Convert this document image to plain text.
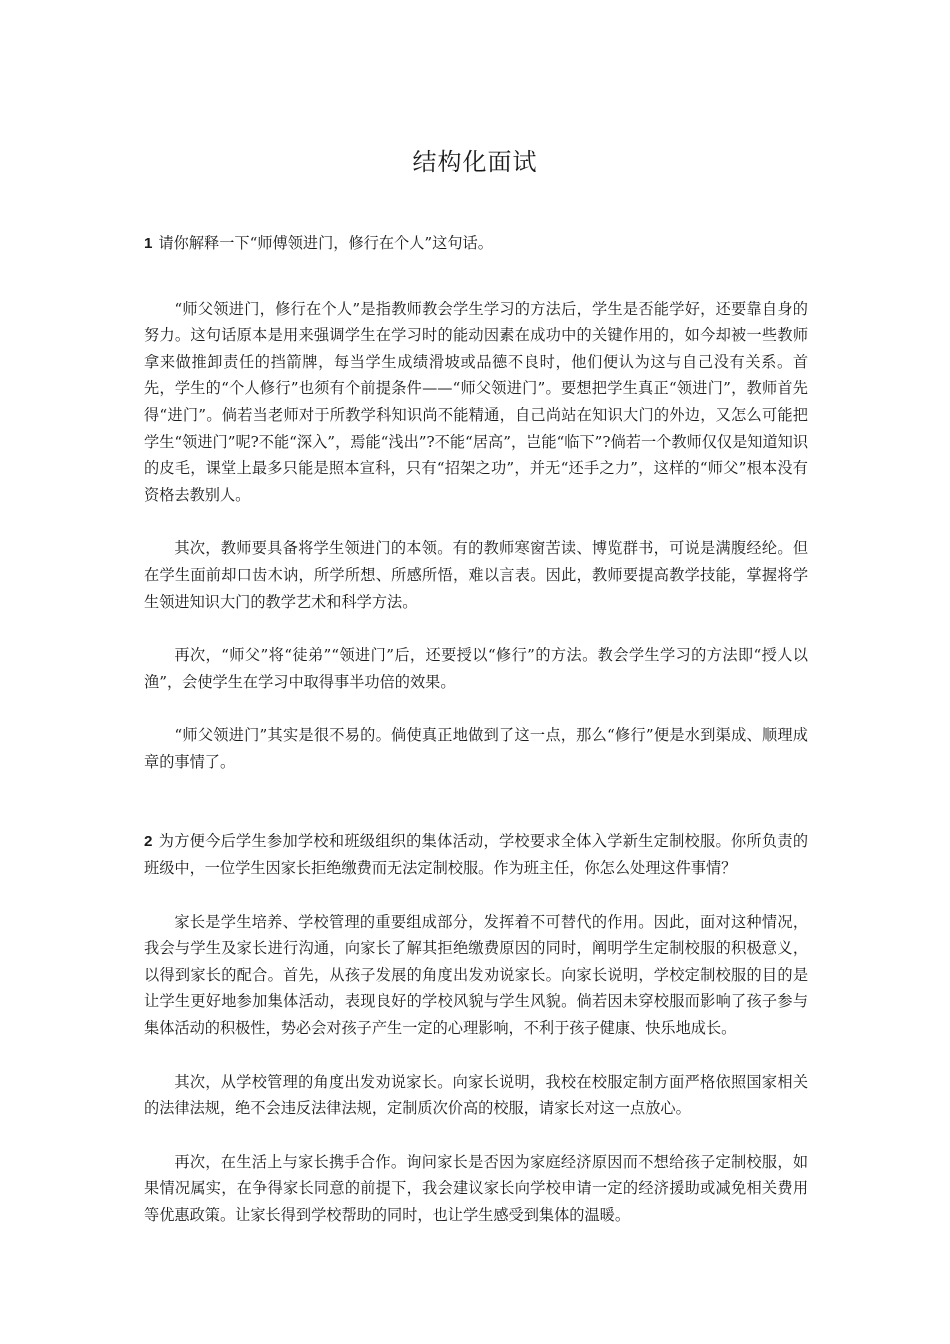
结构化面试

1 请你解释一下“师傅领进门，修行在个人”这句话。

“师父领进门，修行在个人”是指教师教会学生学习的方法后，学生是否能学好，还要靠自身的努力。这句话原本是用来强调学生在学习时的能动因素在成功中的关键作用的，如今却被一些教师拿来做推卸责任的挡箭牌，每当学生成绩滑坡或品德不良时，他们便认为这与自己没有关系。首先，学生的“个人修行”也须有个前提条件——“师父领进门”。要想把学生真正“领进门”，教师首先得“进门”。倘若当老师对于所教学科知识尚不能精通，自己尚站在知识大门的外边，又怎么可能把学生“领进门”呢?不能“深入”，焉能“浅出”?不能“居高”，岂能“临下”?倘若一个教师仅仅是知道知识的皮毛，课堂上最多只能是照本宣科，只有“招架之功”，并无“还手之力”，这样的“师父”根本没有资格去教别人。

其次，教师要具备将学生领进门的本领。有的教师寒窗苦读、博览群书，可说是满腹经纶。但在学生面前却口齿木讷，所学所想、所感所悟，难以言表。因此，教师要提高教学技能，掌握将学生领进知识大门的教学艺术和科学方法。

再次，“师父”将“徒弟”“领进门”后，还要授以“修行”的方法。教会学生学习的方法即“授人以渔”，会使学生在学习中取得事半功倍的效果。

“师父领进门”其实是很不易的。倘使真正地做到了这一点，那么“修行”便是水到渠成、顺理成章的事情了。

2 为方便今后学生参加学校和班级组织的集体活动，学校要求全体入学新生定制校服。你所负责的班级中，一位学生因家长拒绝缴费而无法定制校服。作为班主任，你怎么处理这件事情？

家长是学生培养、学校管理的重要组成部分，发挥着不可替代的作用。因此，面对这种情况，我会与学生及家长进行沟通，向家长了解其拒绝缴费原因的同时，阐明学生定制校服的积极意义，以得到家长的配合。首先，从孩子发展的角度出发劝说家长。向家长说明，学校定制校服的目的是让学生更好地参加集体活动，表现良好的学校风貌与学生风貌。倘若因未穿校服而影响了孩子参与集体活动的积极性，势必会对孩子产生一定的心理影响，不利于孩子健康、快乐地成长。

其次，从学校管理的角度出发劝说家长。向家长说明，我校在校服定制方面严格依照国家相关的法律法规，绝不会违反法律法规，定制质次价高的校服，请家长对这一点放心。

再次，在生活上与家长携手合作。询问家长是否因为家庭经济原因而不想给孩子定制校服，如果情况属实，在争得家长同意的前提下，我会建议家长向学校申请一定的经济援助或减免相关费用等优惠政策。让家长得到学校帮助的同时，也让学生感受到集体的温暖。
